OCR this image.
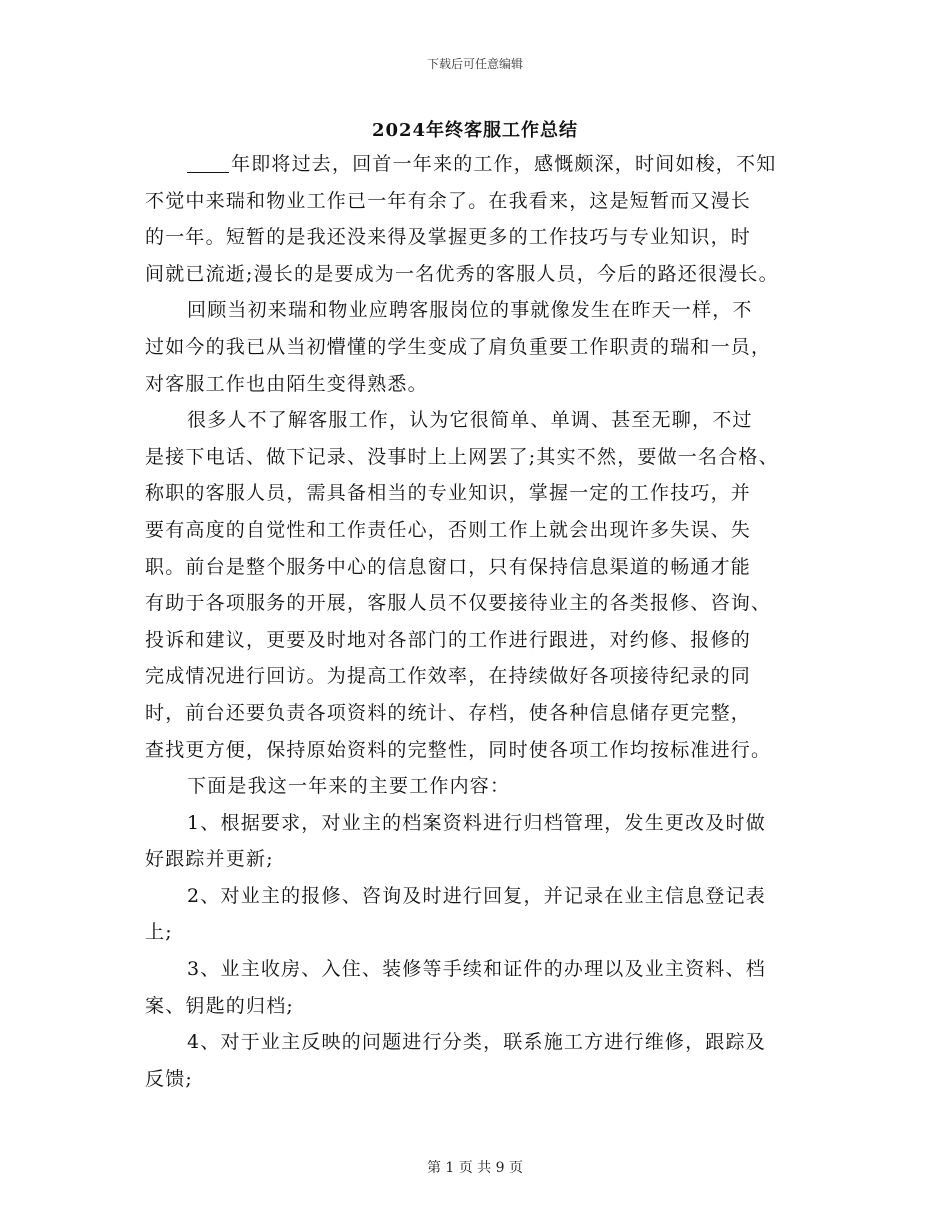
下载后可任意编辑
2024年终客服工作总结
年即将过去，回首一年来的工作，感慨颇深，时间如梭，不知
不觉中来瑞和物业工作已一年有余了。在我看来，这是短暂而又漫长
的一年。短暂的是我还没来得及掌握更多的工作技巧与专业知识，时
间就已流逝;漫长的是要成为一名优秀的客服人员，今后的路还很漫长。
回顾当初来瑞和物业应聘客服岗位的事就像发生在昨天一样，不
过如今的我已从当初懵懂的学生变成了肩负重要工作职责的瑞和一员，
对客服工作也由陌生变得熟悉。
很多人不了解客服工作，认为它很简单、单调、甚至无聊，不过
是接下电话、做下记录、没事时上上网罢了;其实不然，要做一名合格、
称职的客服人员，需具备相当的专业知识，掌握一定的工作技巧，并
要有高度的自觉性和工作责任心，否则工作上就会出现许多失误、失
职。前台是整个服务中心的信息窗口，只有保持信息渠道的畅通才能
有助于各项服务的开展，客服人员不仅要接待业主的各类报修、咨询、
投诉和建议，更要及时地对各部门的工作进行跟进，对约修、报修的
完成情况进行回访。为提高工作效率，在持续做好各项接待纪录的同
时，前台还要负责各项资料的统计、存档，使各种信息储存更完整，
查找更方便，保持原始资料的完整性，同时使各项工作均按标准进行。
下面是我这一年来的主要工作内容：
1、根据要求，对业主的档案资料进行归档管理，发生更改及时做
好跟踪并更新;
2、对业主的报修、咨询及时进行回复，并记录在业主信息登记表
上;
3、业主收房、入住、装修等手续和证件的办理以及业主资料、档
案、钥匙的归档;
4、对于业主反映的问题进行分类，联系施工方进行维修，跟踪及
反馈;
第 1 页 共 9 页
